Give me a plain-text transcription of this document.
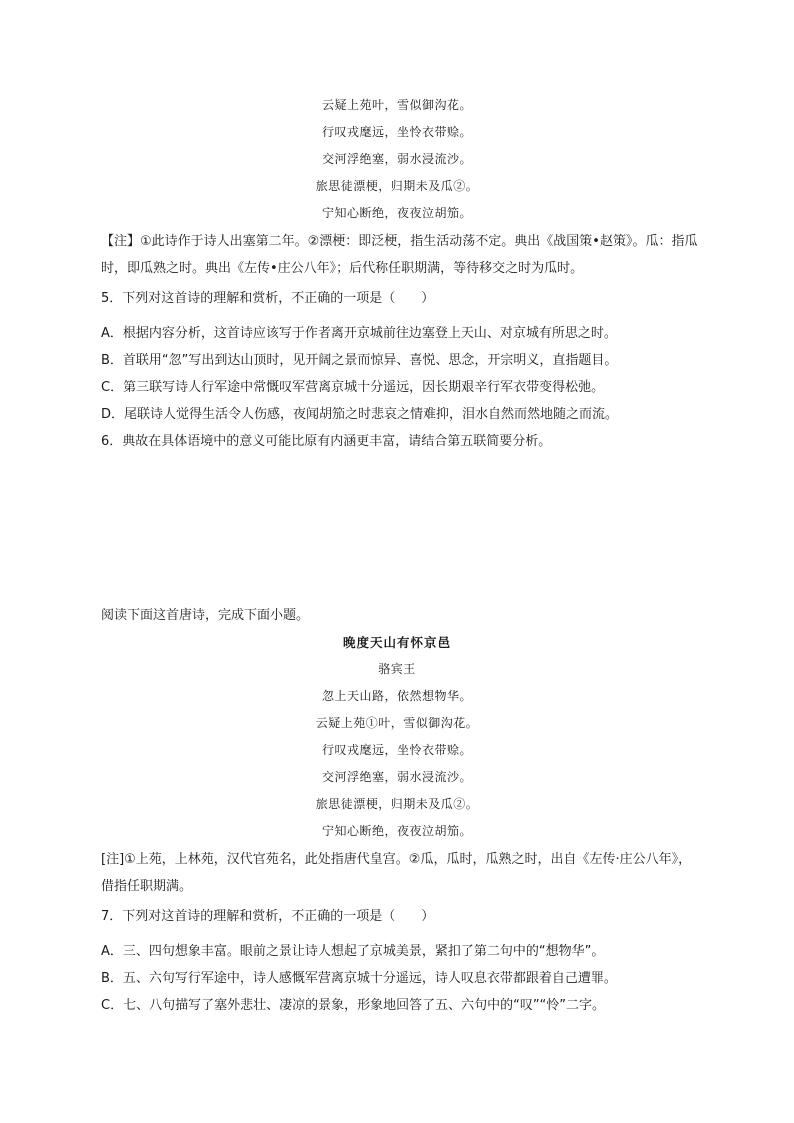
云疑上苑叶，雪似御沟花。
行叹戎麾远，坐怜衣带赊。
交河浮绝塞，弱水浸流沙。
旅思徒漂梗，归期未及瓜②。
宁知心断绝，夜夜泣胡笳。

【注】①此诗作于诗人出塞第二年。②漂梗：即泛梗，指生活动荡不定。典出《战国策•赵策》。瓜：指瓜

时，即瓜熟之时。典出《左传•庄公八年》；后代称任职期满，等待移交之时为瓜时。

5．下列对这首诗的理解和赏析，不正确的一项是（　　）

A．根据内容分析，这首诗应该写于作者离开京城前往边塞登上天山、对京城有所思之时。

B．首联用“忽”写出到达山顶时，见开阔之景而惊异、喜悦、思念，开宗明义，直指题目。

C．第三联写诗人行军途中常慨叹军营离京城十分遥远，因长期艰辛行军衣带变得松弛。

D．尾联诗人觉得生活令人伤感，夜闻胡笳之时悲哀之情难抑，泪水自然而然地随之而流。

6．典故在具体语境中的意义可能比原有内涵更丰富，请结合第五联简要分析。

阅读下面这首唐诗，完成下面小题。
晚度天山有怀京邑
骆宾王
忽上天山路，依然想物华。
云疑上苑①叶，雪似御沟花。
行叹戎麾远，坐怜衣带赊。
交河浮绝塞，弱水浸流沙。
旅思徒漂梗，归期未及瓜②。
宁知心断绝，夜夜泣胡笳。

[注]①上苑，上林苑，汉代官苑名，此处指唐代皇宫。②瓜，瓜时，瓜熟之时，出自《左传·庄公八年》，

借指任职期满。

7．下列对这首诗的理解和赏析，不正确的一项是（　　）

A．三、四句想象丰富。眼前之景让诗人想起了京城美景，紧扣了第二句中的“想物华”。

B．五、六句写行军途中，诗人感慨军营离京城十分遥远，诗人叹息衣带都跟着自己遭罪。

C．七、八句描写了塞外悲壮、凄凉的景象，形象地回答了五、六句中的“叹”“怜”二字。
